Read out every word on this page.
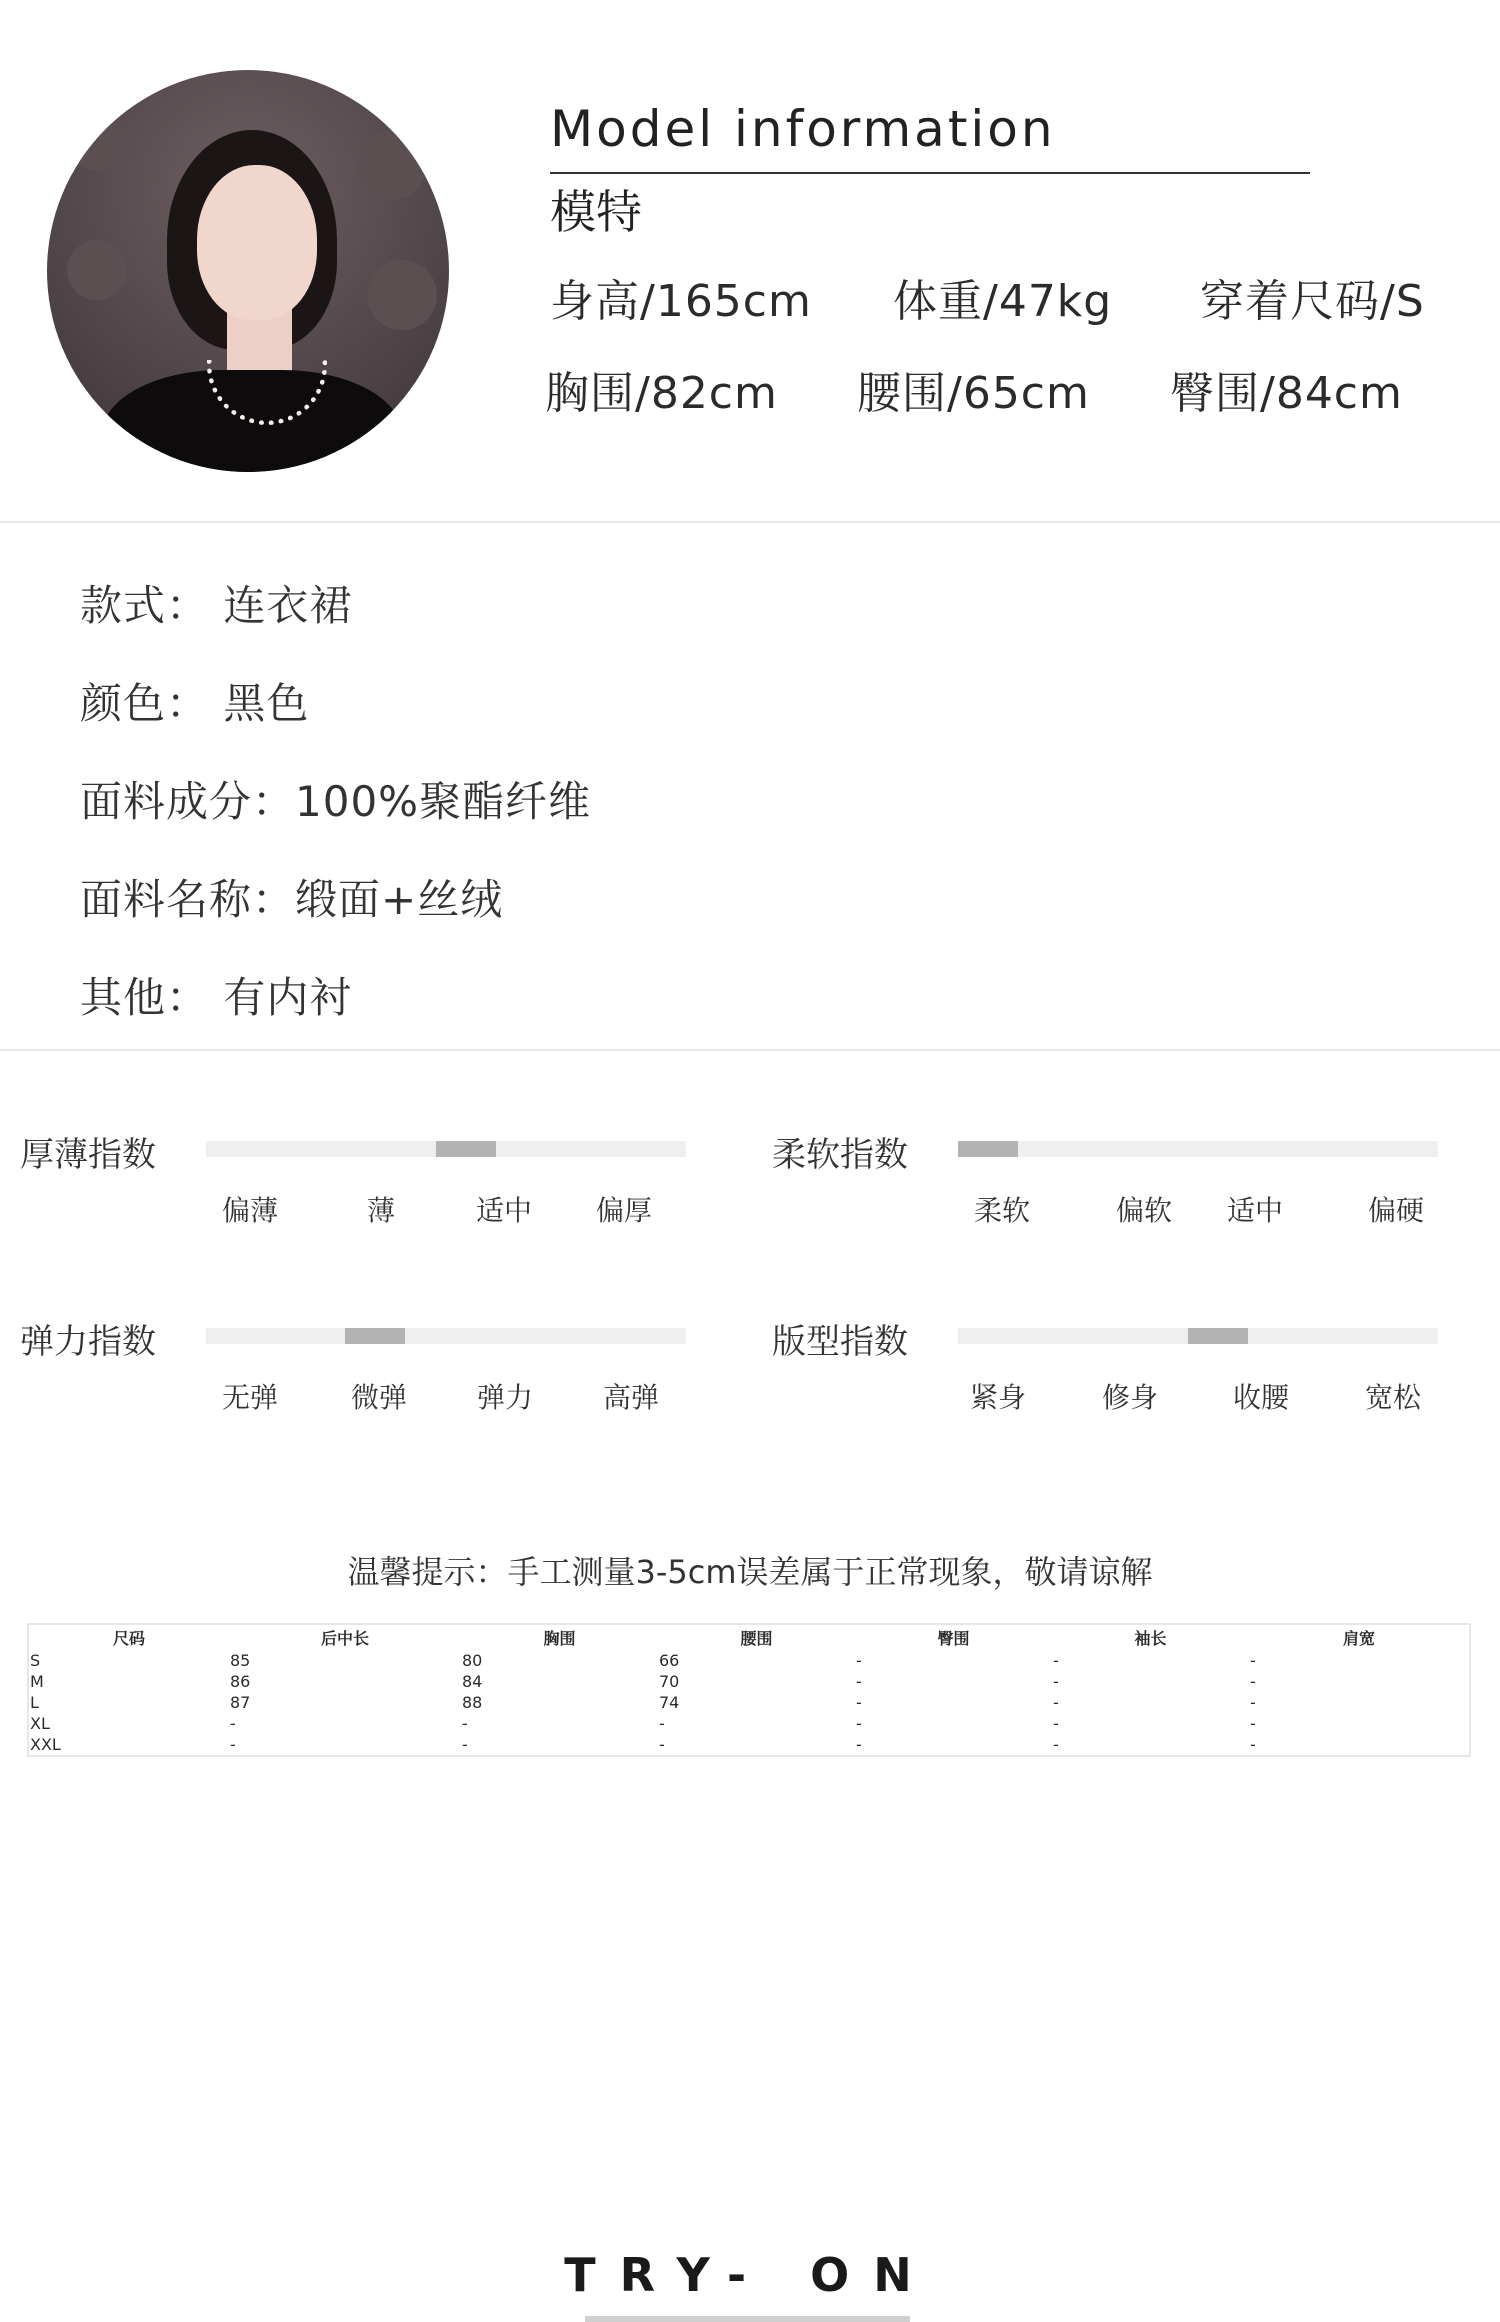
Model information
模特
身高/165cm 体重/47kg 穿着尺码/S
胸围/82cm 腰围/65cm 臀围/84cm
款式： 连衣裙
颜色： 黑色
面料成分：100%聚酯纤维
面料名称：缎面+丝绒
其他： 有内衬
厚薄指数
偏薄	薄	适中 偏厚
柔软指数
柔软	偏软 适中	偏硬
弹力指数
无弹	微弹 弹力 高弹
版型指数
紧身	修身	收腰	宽松
温馨提示：手工测量3-5cm误差属于正常现象，敬请谅解
尺码	后中长	胸围	腰围	臀围	袖长	肩宽
S	85	80	66	-	-	-
M	86	84	70	-	-	-
L	87	88	74	-	-	-
XL	-	-	-	-	-	-
XXL	-	-	-	-	-	-
TRY- ON
